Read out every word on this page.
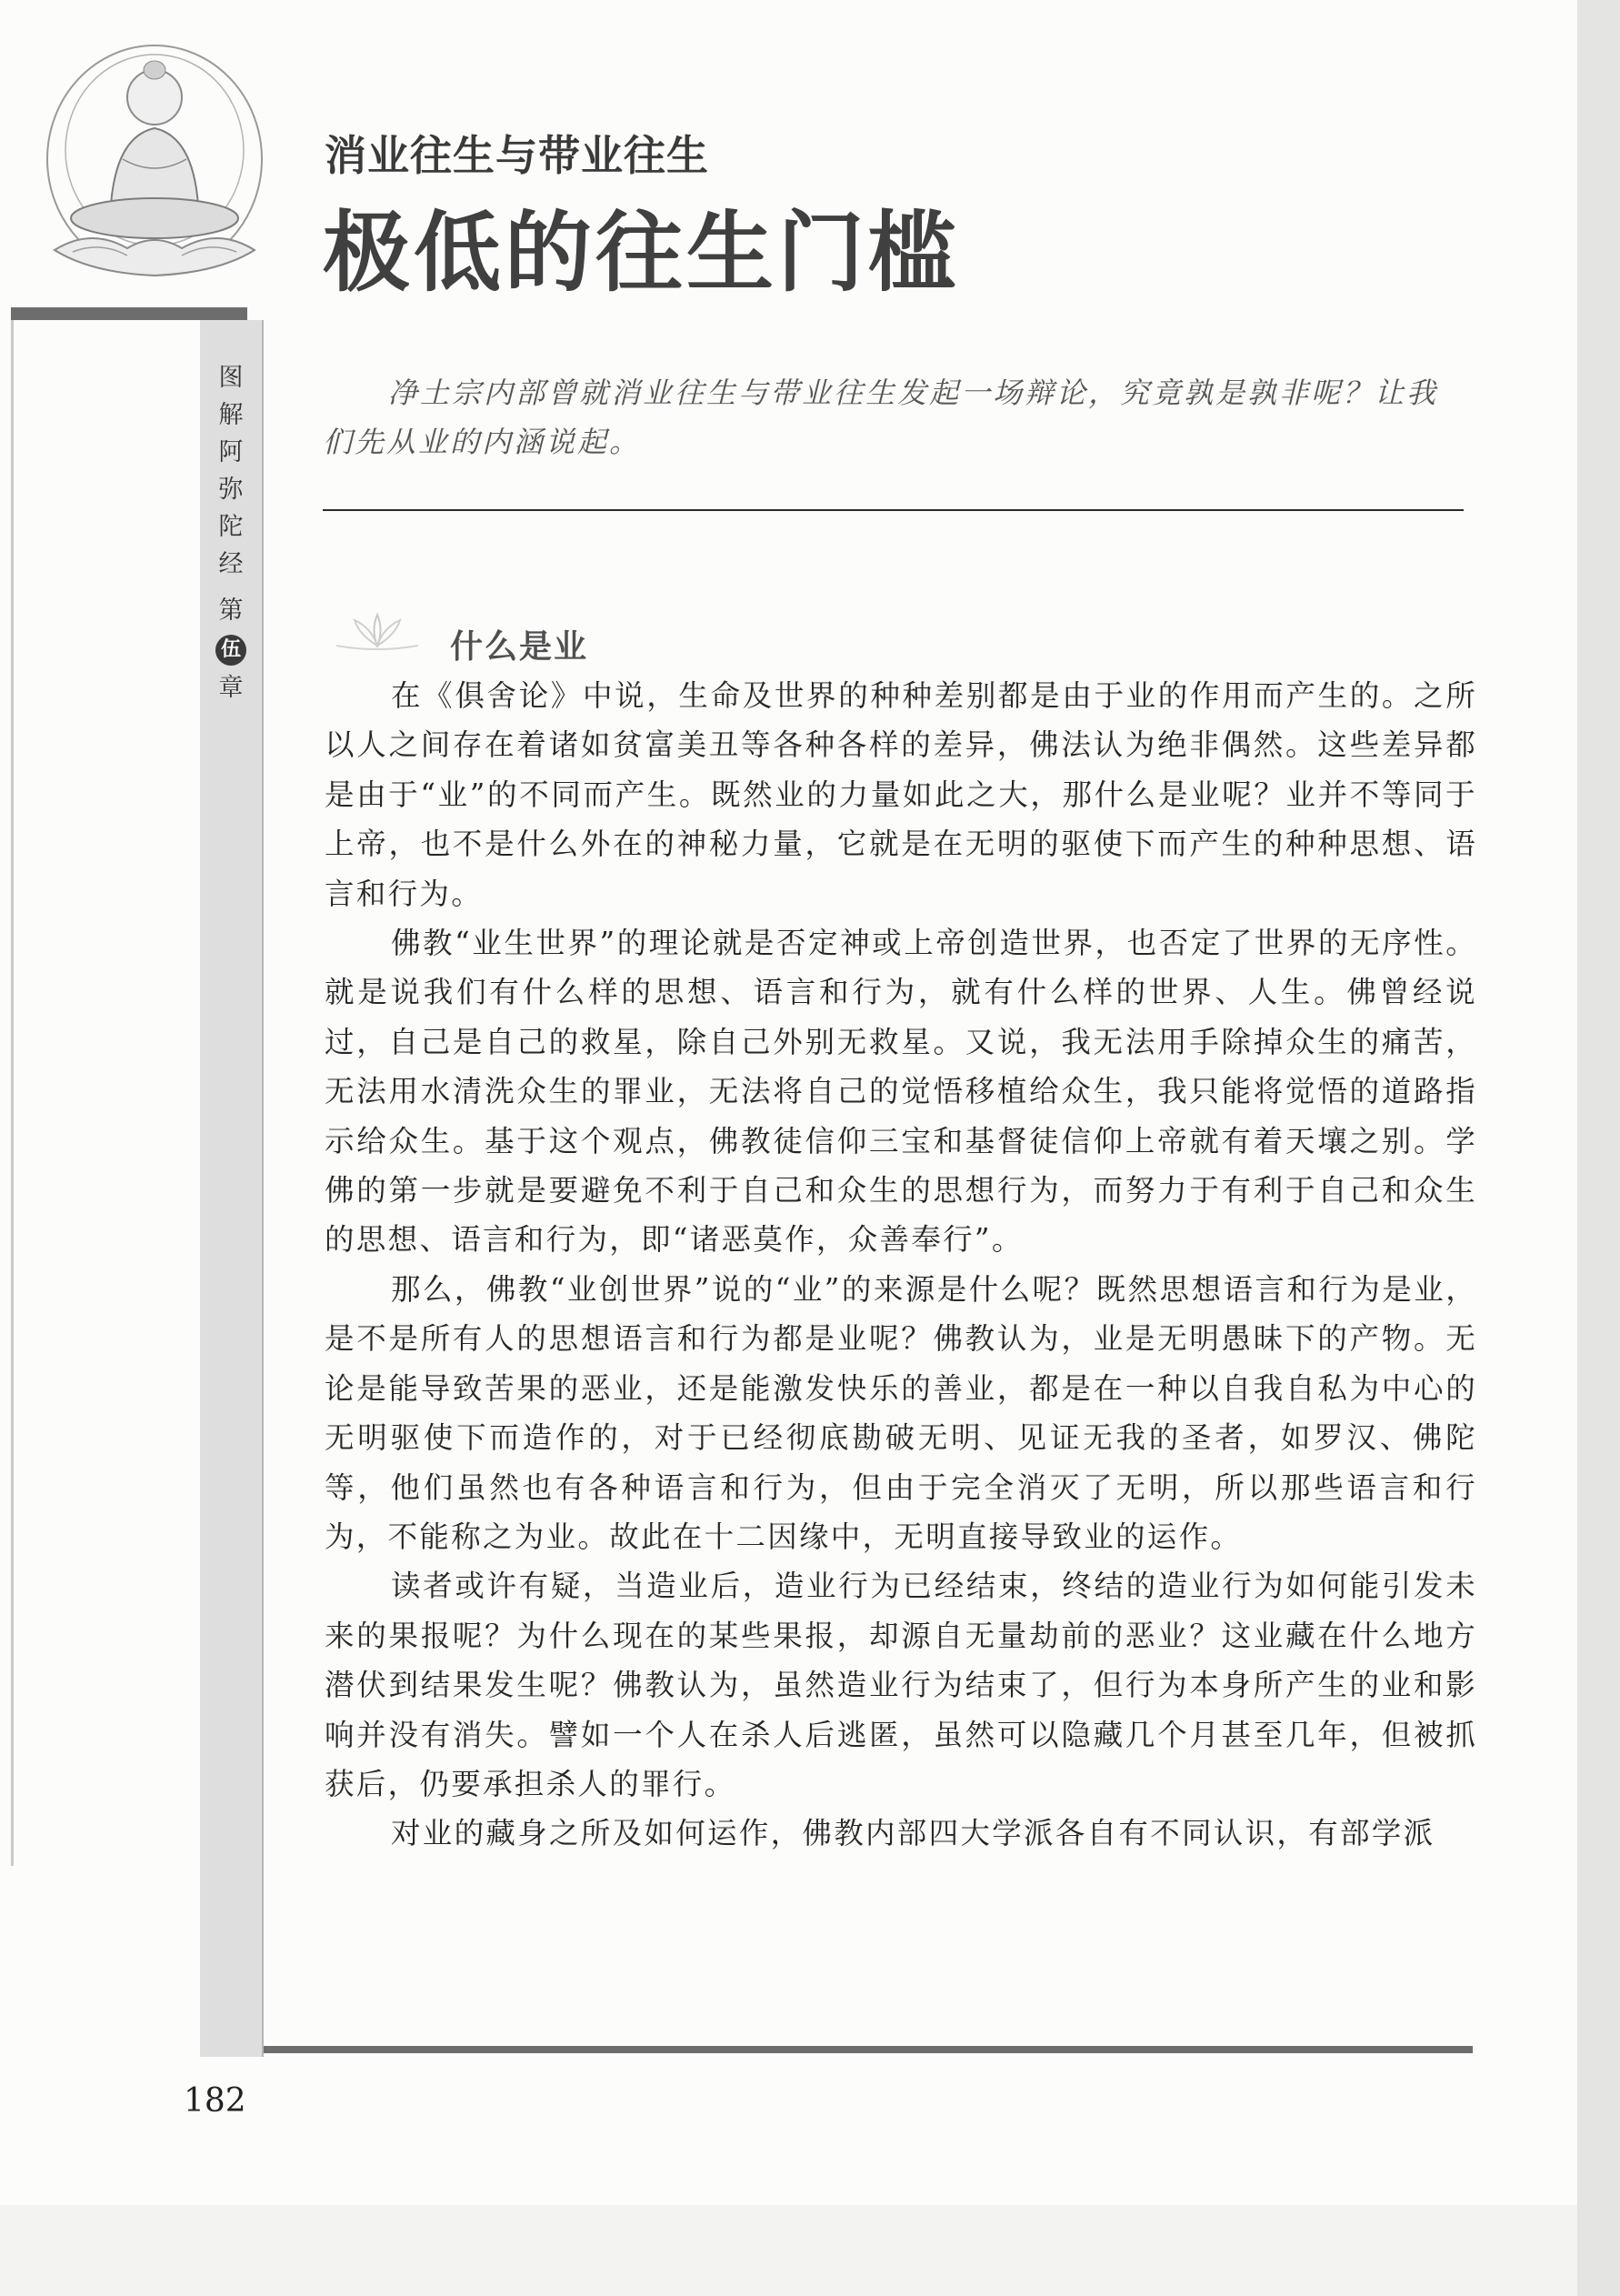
消业往生与带业往生
极低的往生门槛
图
解
阿
弥
陀
经
第
伍
章
净土宗内部曾就消业往生与带业往生发起一场辩论，究竟孰是孰非呢？让我们先从业的内涵说起。
什么是业

在《俱舍论》中说，生命及世界的种种差别都是由于业的作用而产生的。之所以人之间存在着诸如贫富美丑等各种各样的差异，佛法认为绝非偶然。这些差异都是由于“业”的不同而产生。既然业的力量如此之大，那什么是业呢？业并不等同于上帝，也不是什么外在的神秘力量，它就是在无明的驱使下而产生的种种思想、语言和行为。

佛教“业生世界”的理论就是否定神或上帝创造世界，也否定了世界的无序性。就是说我们有什么样的思想、语言和行为，就有什么样的世界、人生。佛曾经说过，自己是自己的救星，除自己外别无救星。又说，我无法用手除掉众生的痛苦，无法用水清洗众生的罪业，无法将自己的觉悟移植给众生，我只能将觉悟的道路指示给众生。基于这个观点，佛教徒信仰三宝和基督徒信仰上帝就有着天壤之别。学佛的第一步就是要避免不利于自己和众生的思想行为，而努力于有利于自己和众生的思想、语言和行为，即“诸恶莫作，众善奉行”。

那么，佛教“业创世界”说的“业”的来源是什么呢？既然思想语言和行为是业，是不是所有人的思想语言和行为都是业呢？佛教认为，业是无明愚昧下的产物。无论是能导致苦果的恶业，还是能激发快乐的善业，都是在一种以自我自私为中心的无明驱使下而造作的，对于已经彻底勘破无明、见证无我的圣者，如罗汉、佛陀等，他们虽然也有各种语言和行为，但由于完全消灭了无明，所以那些语言和行为，不能称之为业。故此在十二因缘中，无明直接导致业的运作。

读者或许有疑，当造业后，造业行为已经结束，终结的造业行为如何能引发未来的果报呢？为什么现在的某些果报，却源自无量劫前的恶业？这业藏在什么地方潜伏到结果发生呢？佛教认为，虽然造业行为结束了，但行为本身所产生的业和影响并没有消失。譬如一个人在杀人后逃匿，虽然可以隐藏几个月甚至几年，但被抓获后，仍要承担杀人的罪行。

对业的藏身之所及如何运作，佛教内部四大学派各自有不同认识，有部学派

182
